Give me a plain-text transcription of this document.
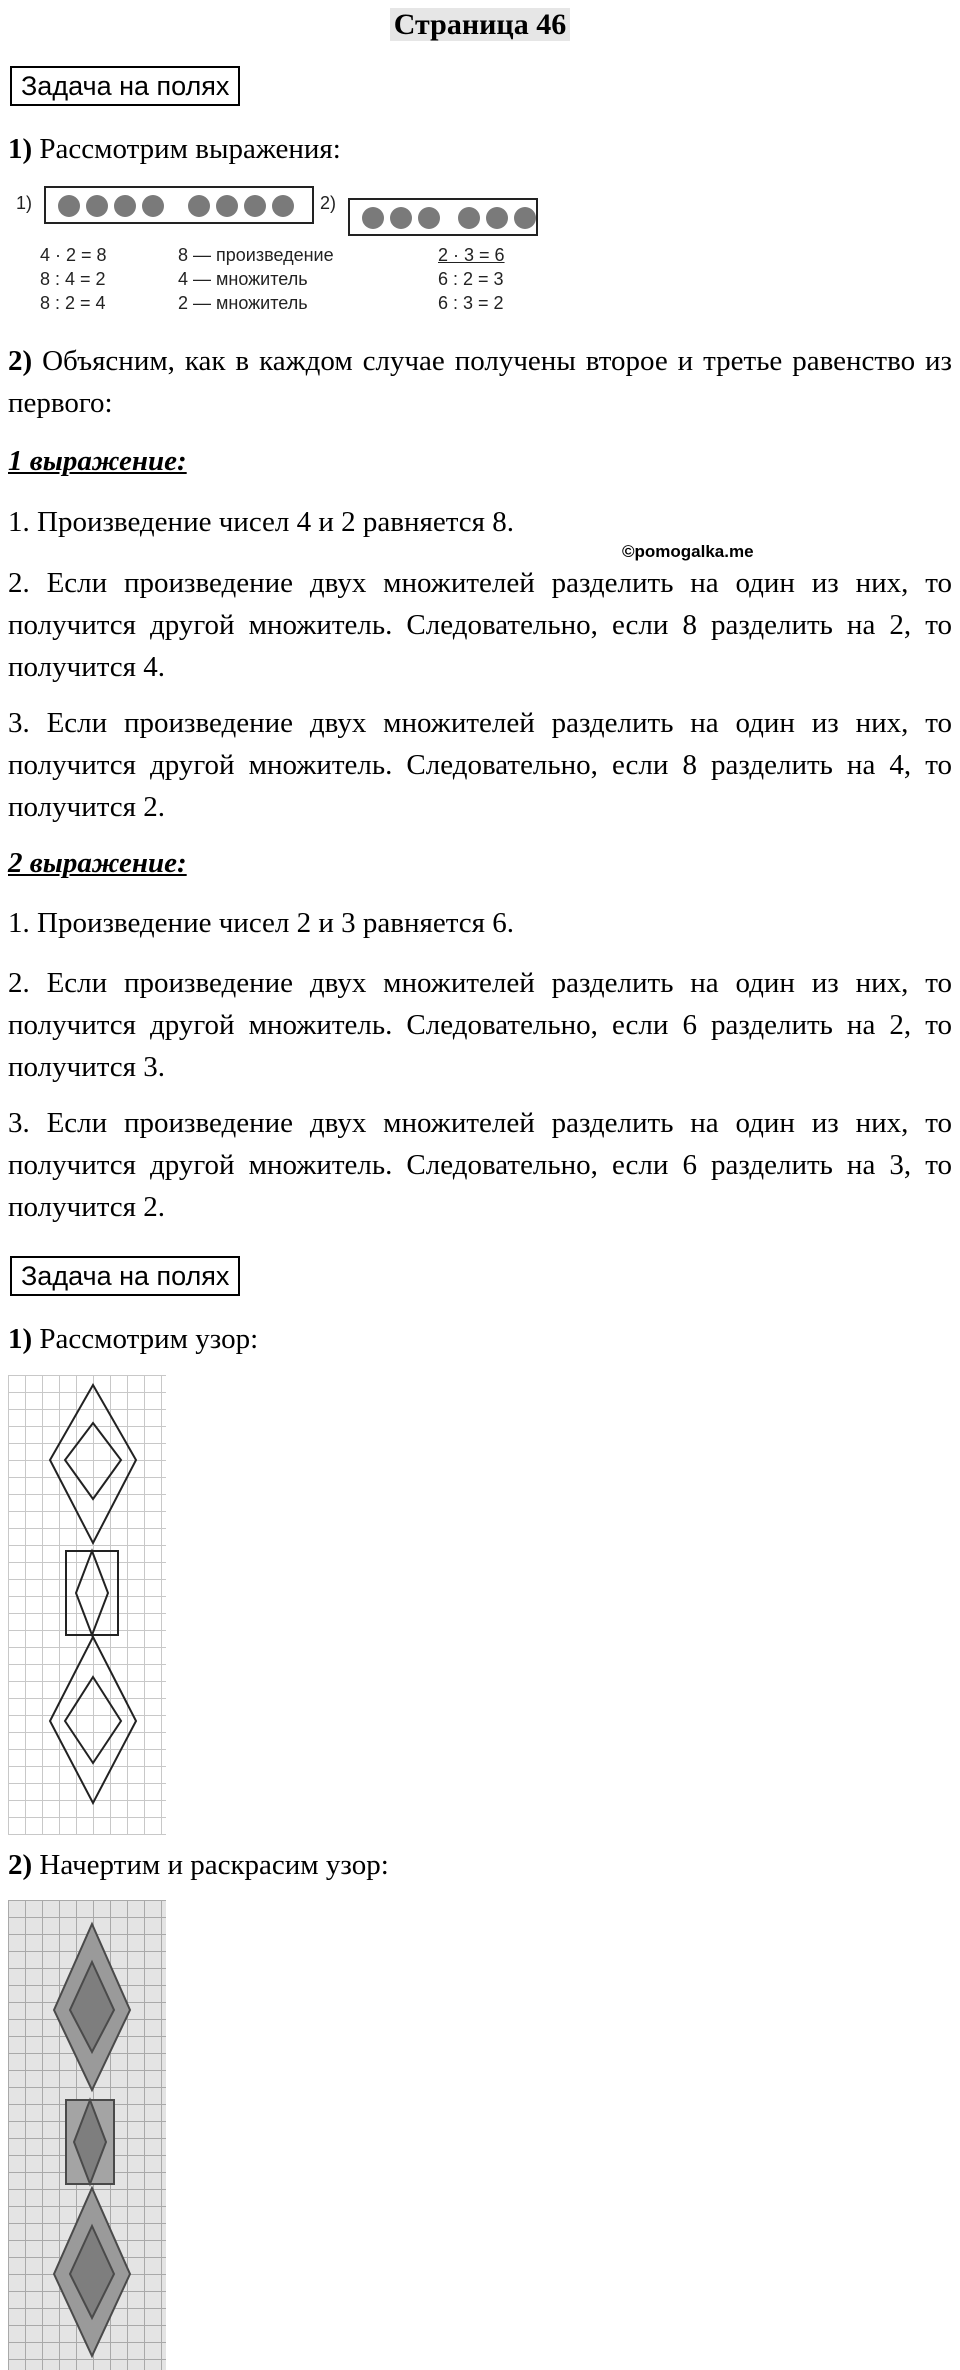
Страница 46
Задача на полях
1) Рассмотрим выражения:
1)	2)
4 · 2 = 8
8 : 4 = 2
8 : 2 = 4
8 — произведение
4 — множитель
2 — множитель
2 · 3 = 6
6 : 2 = 3
6 : 3 = 2
2) Объясним, как в каждом случае получены второе и третье равенство из первого:
1 выражение:
1. Произведение чисел 4 и 2 равняется 8.
©pomogalka.me
2. Если произведение двух множителей разделить на один из них, то получится другой множитель. Следовательно, если 8 разделить на 2, то получится 4.
3. Если произведение двух множителей разделить на один из них, то получится другой множитель. Следовательно, если 8 разделить на 4, то получится 2.
2 выражение:
1. Произведение чисел 2 и 3 равняется 6.
2. Если произведение двух множителей разделить на один из них, то получится другой множитель. Следовательно, если 6 разделить на 2, то получится 3.
3. Если произведение двух множителей разделить на один из них, то получится другой множитель. Следовательно, если 6 разделить на 3, то получится 2.
Задача на полях
1) Рассмотрим узор:
2) Начертим и раскрасим узор:
